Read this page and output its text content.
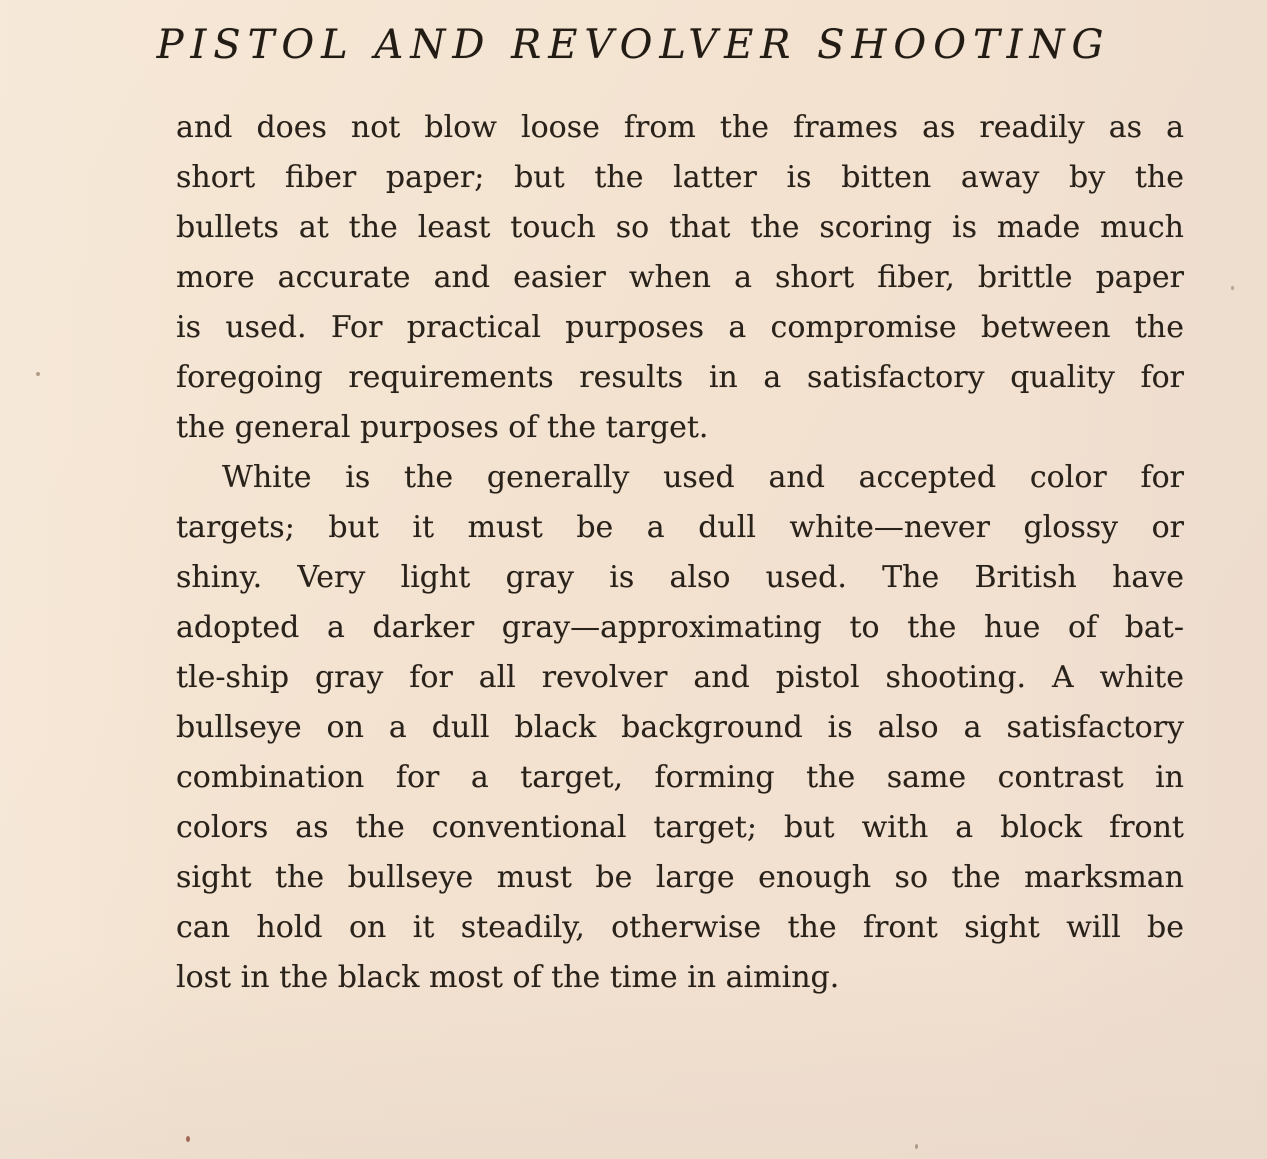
PISTOL AND REVOLVER SHOOTING
and does not blow loose from the frames as readily as a
short fiber paper; but the latter is bitten away by the
bullets at the least touch so that the scoring is made much
more accurate and easier when a short fiber, brittle paper
is used. For practical purposes a compromise between the
foregoing requirements results in a satisfactory quality for
the general purposes of the target.
White is the generally used and accepted color for
targets; but it must be a dull white—never glossy or
shiny. Very light gray is also used. The British have
adopted a darker gray—approximating to the hue of bat-
tle-ship gray for all revolver and pistol shooting. A white
bullseye on a dull black background is also a satisfactory
combination for a target, forming the same contrast in
colors as the conventional target; but with a block front
sight the bullseye must be large enough so the marksman
can hold on it steadily, otherwise the front sight will be
lost in the black most of the time in aiming.
